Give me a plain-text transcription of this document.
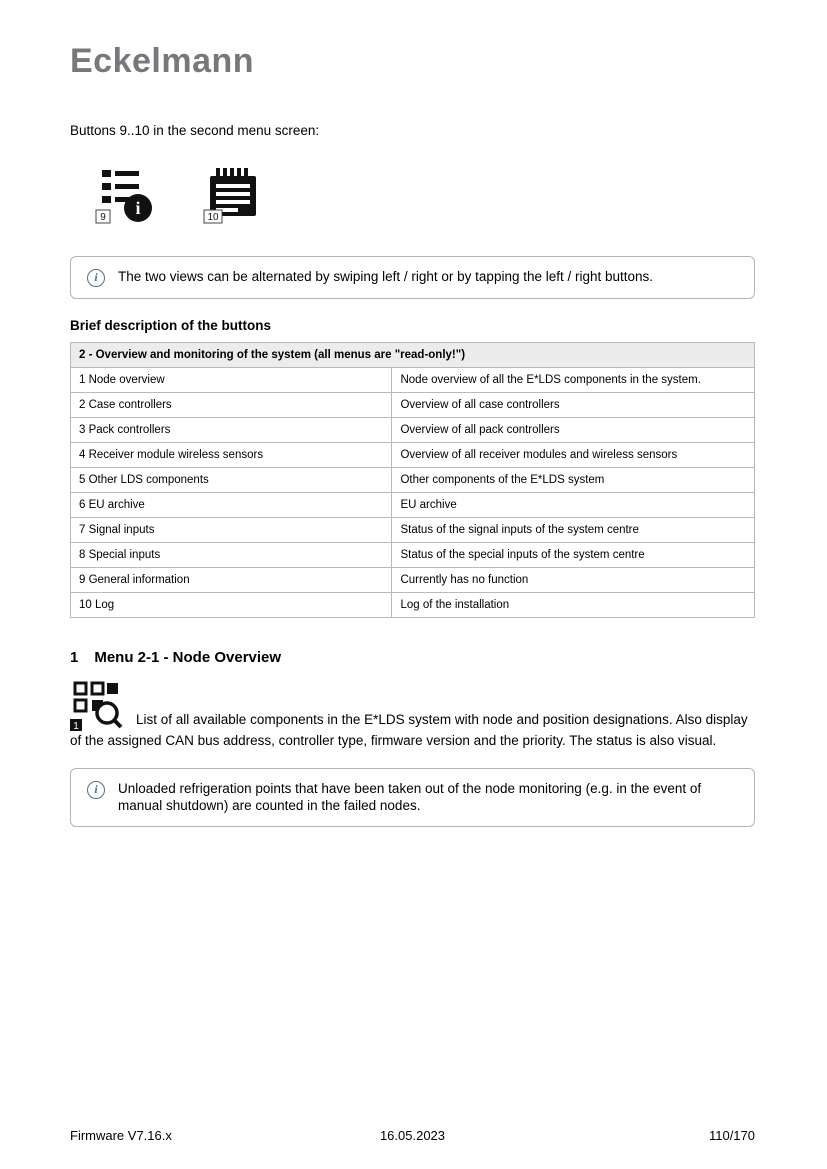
Eckelmann

Buttons 9..10 in the second menu screen:

i
9	10
i	The two views can be alternated by swiping left / right or by tapping the left / right buttons.
Brief description of the buttons
2 - Overview and monitoring of the system (all menus are "read-only!")	
1 Node overview	Node overview of all the E*LDS components in the system.
2 Case controllers	Overview of all case controllers
3 Pack controllers	Overview of all pack controllers
4 Receiver module wireless sensors	Overview of all receiver modules and wireless sensors
5 Other LDS components	Other components of the E*LDS system
6 EU archive	EU archive
7 Signal inputs	Status of the signal inputs of the system centre
8 Special inputs	Status of the special inputs of the system centre
9 General information	Currently has no function
10 Log	Log of the installation
1 Menu 2-1 - Node Overview

1	List of all available components in the E*LDS system with node and position designations. Also display of the assigned CAN bus address, controller type, firmware version and the priority. The status is also visual.

i	Unloaded refrigeration points that have been taken out of the node monitoring (e.g. in the event of manual shutdown) are counted in the failed nodes.
Firmware V7.16.x	16.05.2023	110/170
